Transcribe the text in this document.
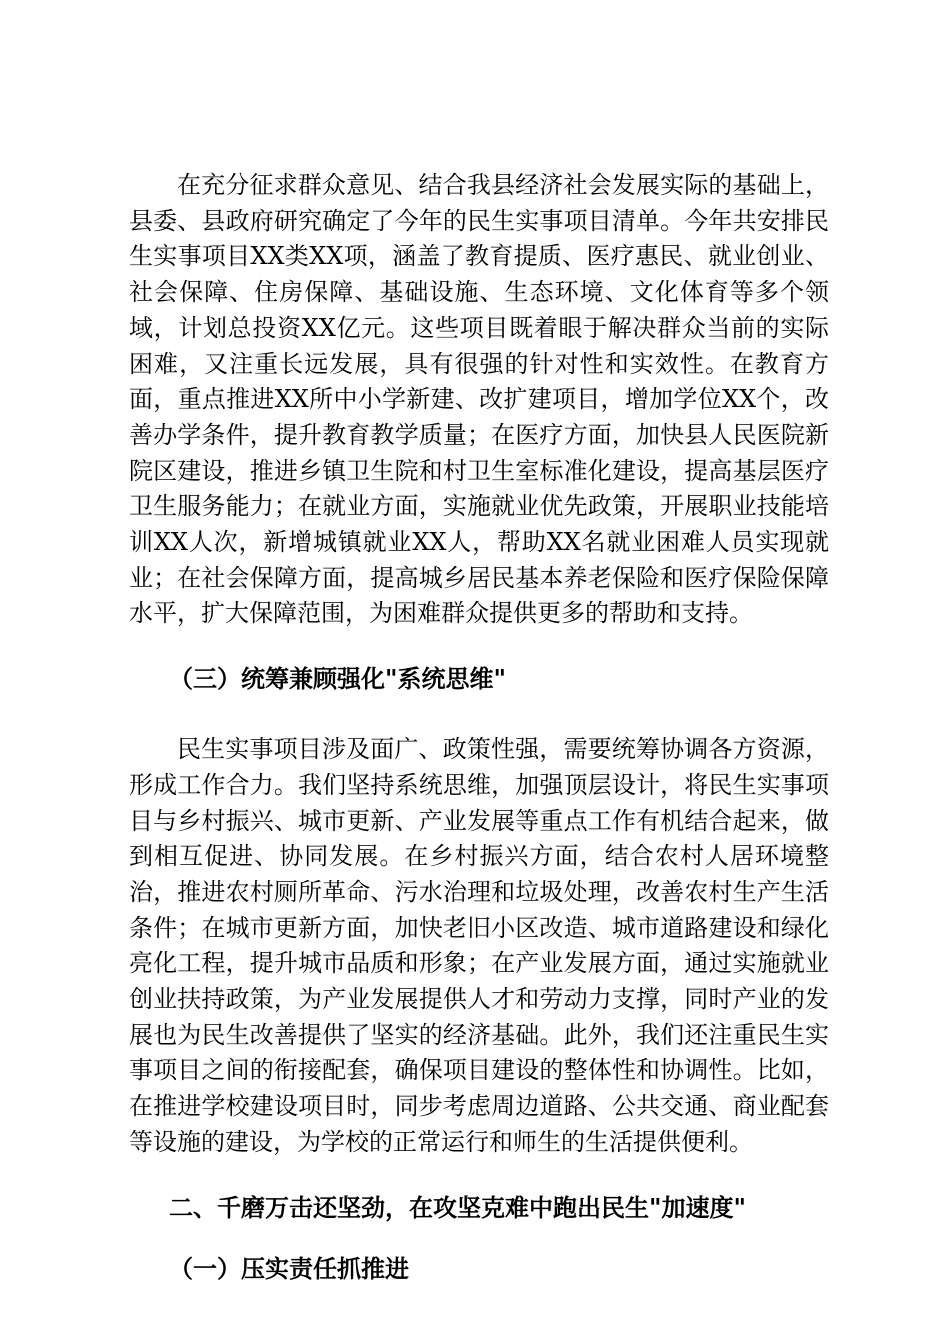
在充分征求群众意见、结合我县经济社会发展实际的基础上，县委、县政府研究确定了今年的民生实事项目清单。今年共安排民生实事项目XX类XX项，涵盖了教育提质、医疗惠民、就业创业、社会保障、住房保障、基础设施、生态环境、文化体育等多个领域，计划总投资XX亿元。这些项目既着眼于解决群众当前的实际困难，又注重长远发展，具有很强的针对性和实效性。在教育方面，重点推进XX所中小学新建、改扩建项目，增加学位XX个，改善办学条件，提升教育教学质量；在医疗方面，加快县人民医院新院区建设，推进乡镇卫生院和村卫生室标准化建设，提高基层医疗卫生服务能力；在就业方面，实施就业优先政策，开展职业技能培训XX人次，新增城镇就业XX人，帮助XX名就业困难人员实现就业；在社会保障方面，提高城乡居民基本养老保险和医疗保险保障水平，扩大保障范围，为困难群众提供更多的帮助和支持。

（三）统筹兼顾强化"系统思维"

民生实事项目涉及面广、政策性强，需要统筹协调各方资源，形成工作合力。我们坚持系统思维，加强顶层设计，将民生实事项目与乡村振兴、城市更新、产业发展等重点工作有机结合起来，做到相互促进、协同发展。在乡村振兴方面，结合农村人居环境整治，推进农村厕所革命、污水治理和垃圾处理，改善农村生产生活条件；在城市更新方面，加快老旧小区改造、城市道路建设和绿化亮化工程，提升城市品质和形象；在产业发展方面，通过实施就业创业扶持政策，为产业发展提供人才和劳动力支撑，同时产业的发展也为民生改善提供了坚实的经济基础。此外，我们还注重民生实事项目之间的衔接配套，确保项目建设的整体性和协调性。比如，在推进学校建设项目时，同步考虑周边道路、公共交通、商业配套等设施的建设，为学校的正常运行和师生的生活提供便利。

二、千磨万击还坚劲，在攻坚克难中跑出民生"加速度"
（一）压实责任抓推进
